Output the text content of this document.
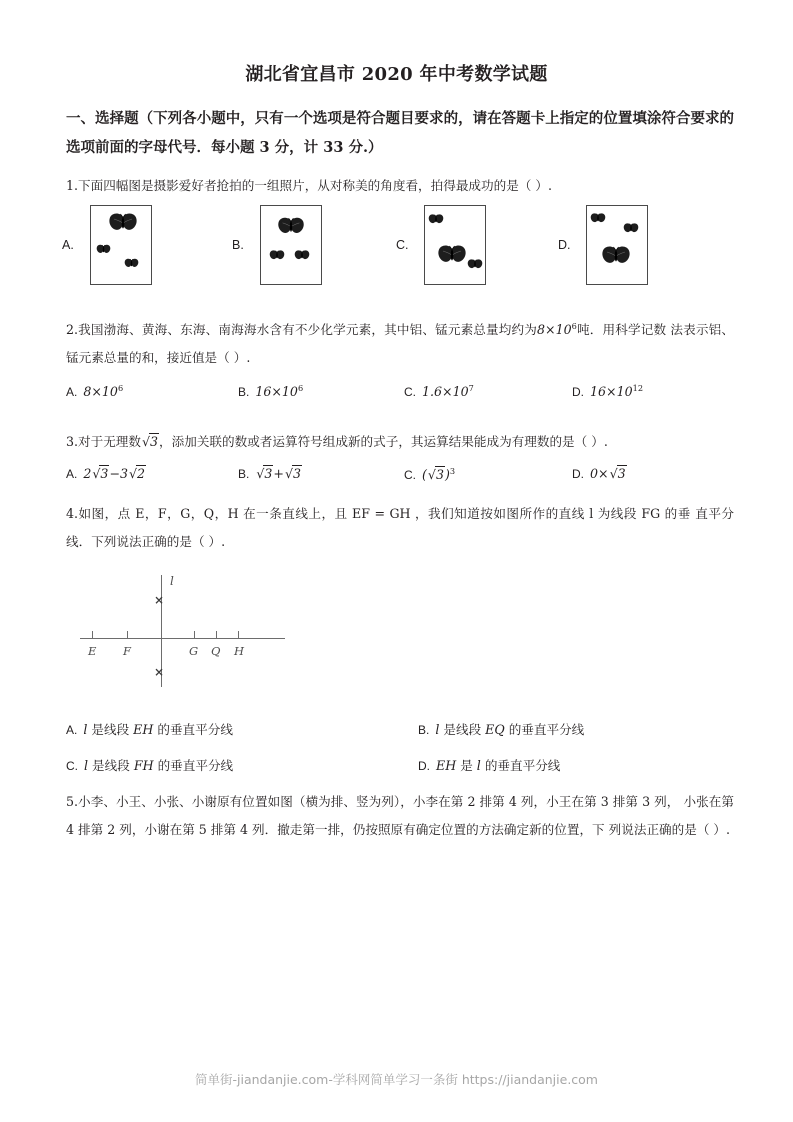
湖北省宜昌市 2020 年中考数学试题
一、选择题（下列各小题中，只有一个选项是符合题目要求的，请在答题卡上指定的位置填涂符合要求的选项前面的字母代号．每小题 3 分，计 33 分.）
1.下面四幅图是摄影爱好者抢拍的一组照片，从对称美的角度看，拍得最成功的是（ ）.
A.	B.	C.	D.
2.我国渤海、黄海、东海、南海海水含有不少化学元素，其中铝、锰元素总量均约为$8\times 10^6$吨．用科学记数 法表示铝、锰元素总量的和，接近值是（ ）.
A. $8\times 10^6$	B. $16\times 10^6$	C. $1.6\times 10^7$	D. $16\times 10^{12}$
3.对于无理数√3，添加关联的数或者运算符号组成新的式子，其运算结果能成为有理数的是（ ）.
A. 2√3−3√2	B. √3+√3	C. $(√3)^3$	D. 0×√3
4.如图，点 E，F，G，Q，H 在一条直线上，且 EF = GH ，我们知道按如图所作的直线 l 为线段 FG 的垂 直平分线．下列说法正确的是（ ）.
E F	G Q H
l
×
×
A. l 是线段 EH 的垂直平分线	B. l 是线段 EQ 的垂直平分线
C. l 是线段 FH 的垂直平分线	D. EH 是 l 的垂直平分线
5.小李、小王、小张、小谢原有位置如图（横为排、竖为列），小李在第 2 排第 4 列，小王在第 3 排第 3 列， 小张在第 4 排第 2 列，小谢在第 5 排第 4 列．撤走第一排，仍按照原有确定位置的方法确定新的位置，下 列说法正确的是（ ）.
简单街-jiandanjie.com-学科网简单学习一条街 https://jiandanjie.com
